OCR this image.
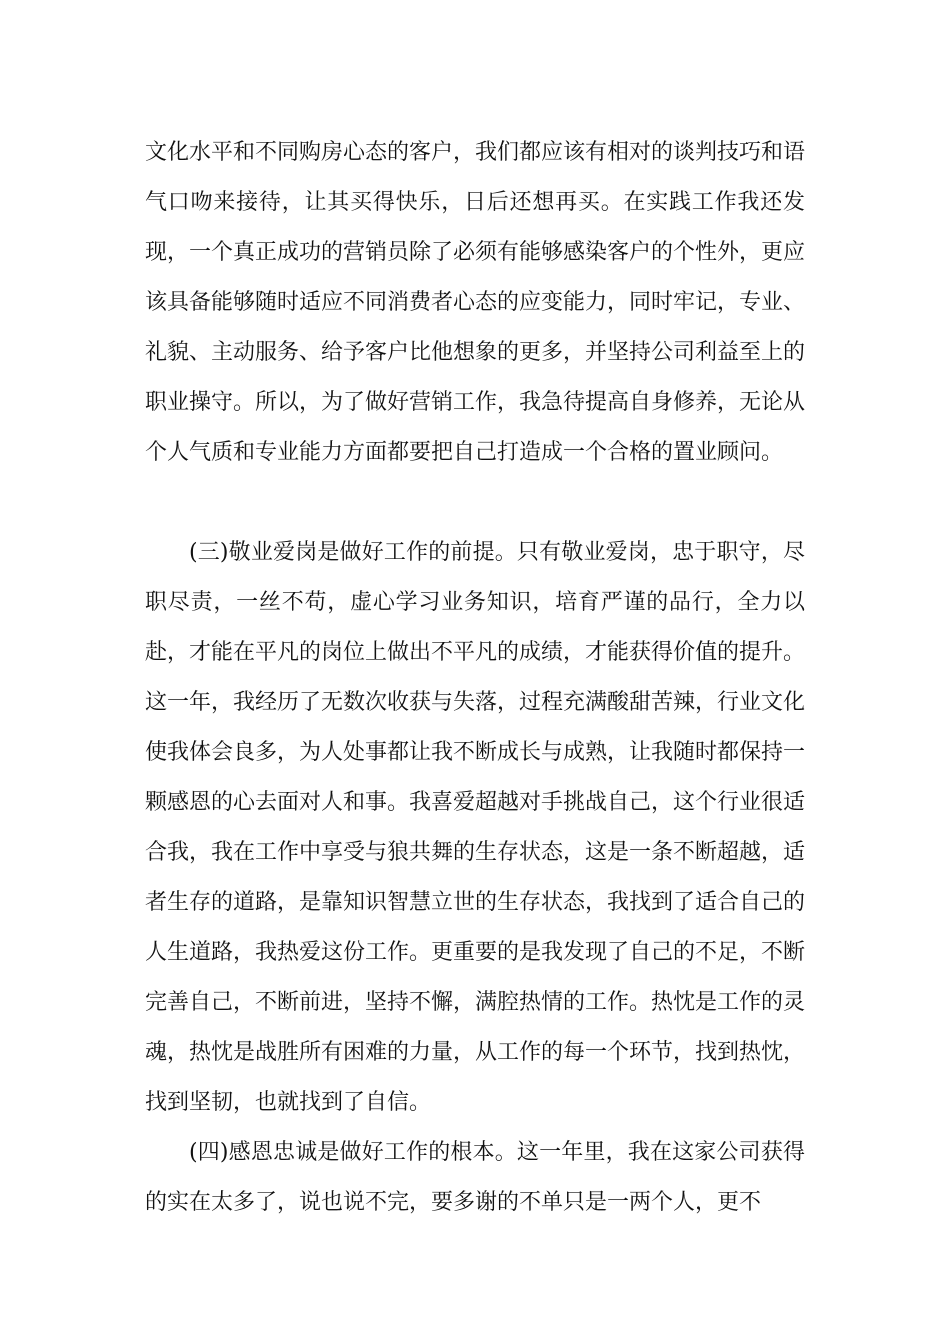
文化水平和不同购房心态的客户，我们都应该有相对的谈判技巧和语气口吻来接待，让其买得快乐，日后还想再买。在实践工作我还发现，一个真正成功的营销员除了必须有能够感染客户的个性外，更应该具备能够随时适应不同消费者心态的应变能力，同时牢记，专业、礼貌、主动服务、给予客户比他想象的更多，并坚持公司利益至上的职业操守。所以，为了做好营销工作，我急待提高自身修养，无论从个人气质和专业能力方面都要把自己打造成一个合格的置业顾问。

(三)敬业爱岗是做好工作的前提。只有敬业爱岗，忠于职守，尽职尽责，一丝不苟，虚心学习业务知识，培育严谨的品行，全力以赴，才能在平凡的岗位上做出不平凡的成绩，才能获得价值的提升。这一年，我经历了无数次收获与失落，过程充满酸甜苦辣，行业文化使我体会良多，为人处事都让我不断成长与成熟，让我随时都保持一颗感恩的心去面对人和事。我喜爱超越对手挑战自己，这个行业很适合我，我在工作中享受与狼共舞的生存状态，这是一条不断超越，适者生存的道路，是靠知识智慧立世的生存状态，我找到了适合自己的人生道路，我热爱这份工作。更重要的是我发现了自己的不足，不断完善自己，不断前进，坚持不懈，满腔热情的工作。热忱是工作的灵魂，热忱是战胜所有困难的力量，从工作的每一个环节，找到热忱，找到坚韧，也就找到了自信。

(四)感恩忠诚是做好工作的根本。这一年里，我在这家公司获得的实在太多了，说也说不完，要多谢的不单只是一两个人，更不
